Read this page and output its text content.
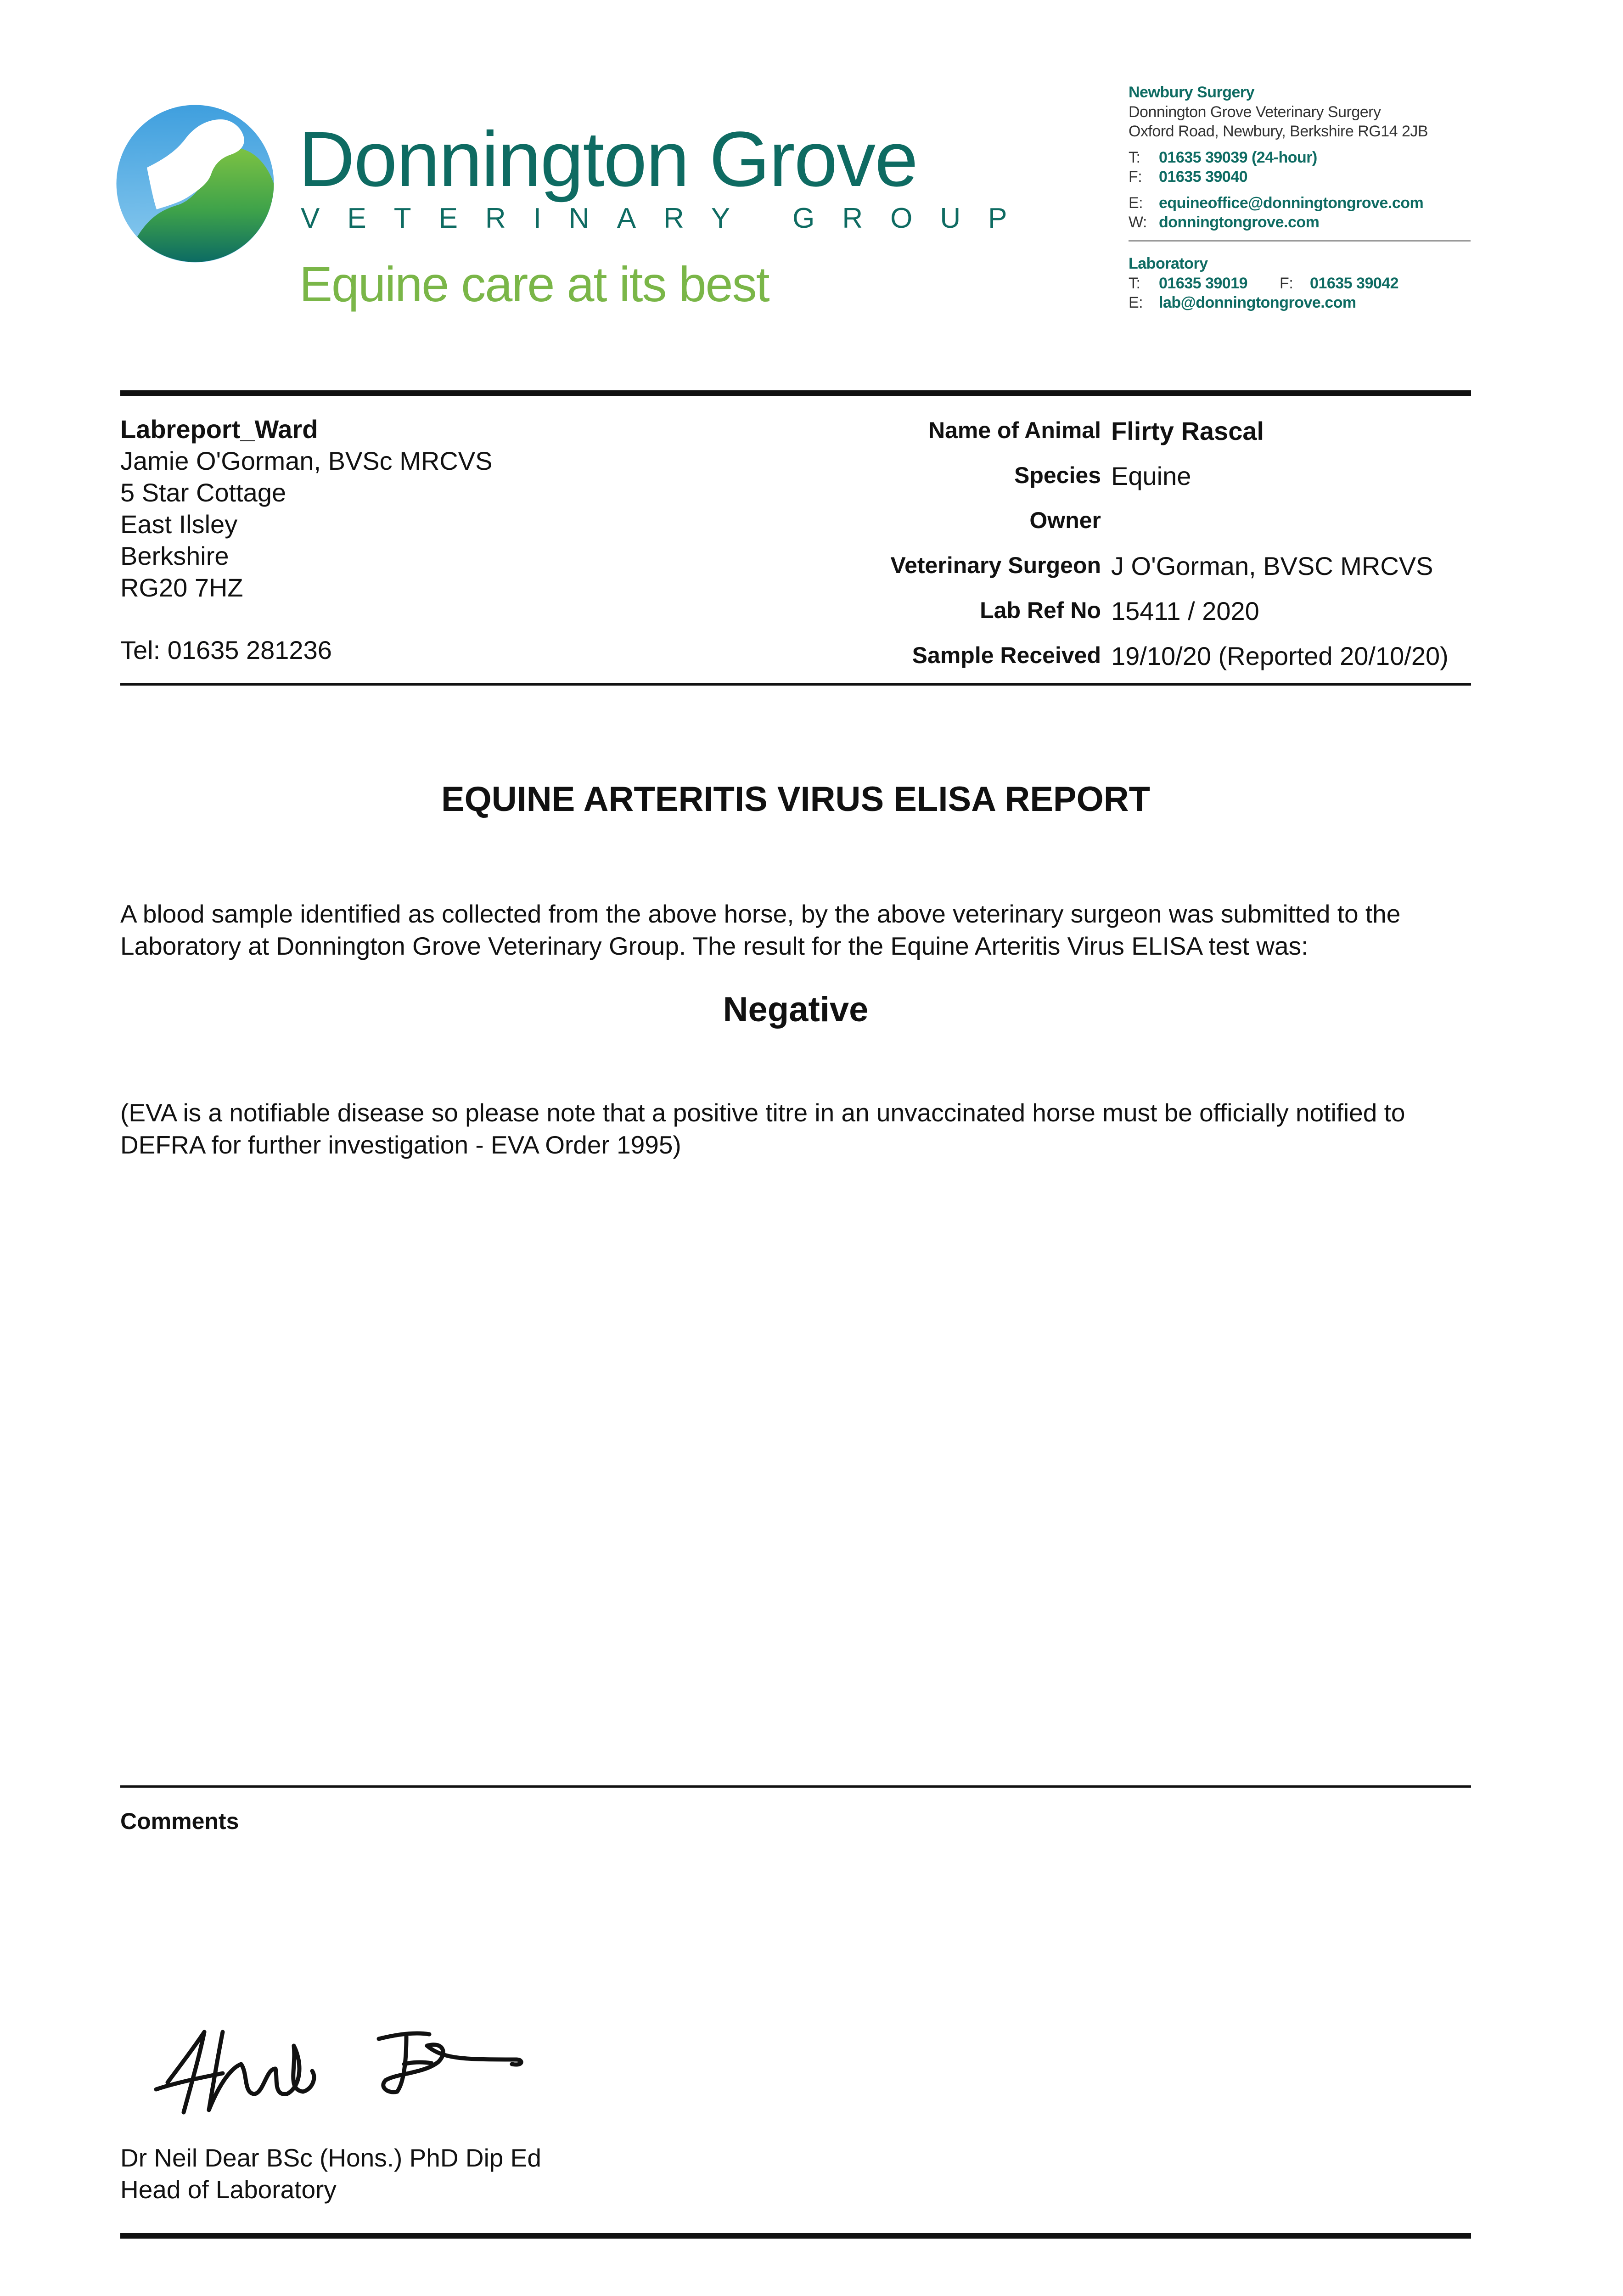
Donnington Grove
VETERINARY GROUP
Equine care at its best
Newbury Surgery
Donnington Grove Veterinary Surgery
Oxford Road, Newbury, Berkshire RG14 2JB
T: 01635 39039 (24-hour)
F: 01635 39040
E: equineoffice@donningtongrove.com
W: donningtongrove.com
Laboratory
T: 01635 39019 F: 01635 39042
E: lab@donningtongrove.com
Labreport_Ward
Jamie O'Gorman, BVSc MRCVS
5 Star Cottage
East Ilsley
Berkshire
RG20 7HZ
Tel: 01635 281236
Name of Animal Flirty Rascal
Species Equine
Owner
Veterinary Surgeon J O'Gorman, BVSC MRCVS
Lab Ref No 15411 / 2020
Sample Received 19/10/20 (Reported 20/10/20)
EQUINE ARTERITIS VIRUS ELISA REPORT
A blood sample identified as collected from the above horse, by the above veterinary surgeon was submitted to the Laboratory at Donnington Grove Veterinary Group. The result for the Equine Arteritis Virus ELISA test was:
Negative
(EVA is a notifiable disease so please note that a positive titre in an unvaccinated horse must be officially notified to DEFRA for further investigation - EVA Order 1995)
Comments
Dr Neil Dear BSc (Hons.) PhD Dip Ed
Head of Laboratory
